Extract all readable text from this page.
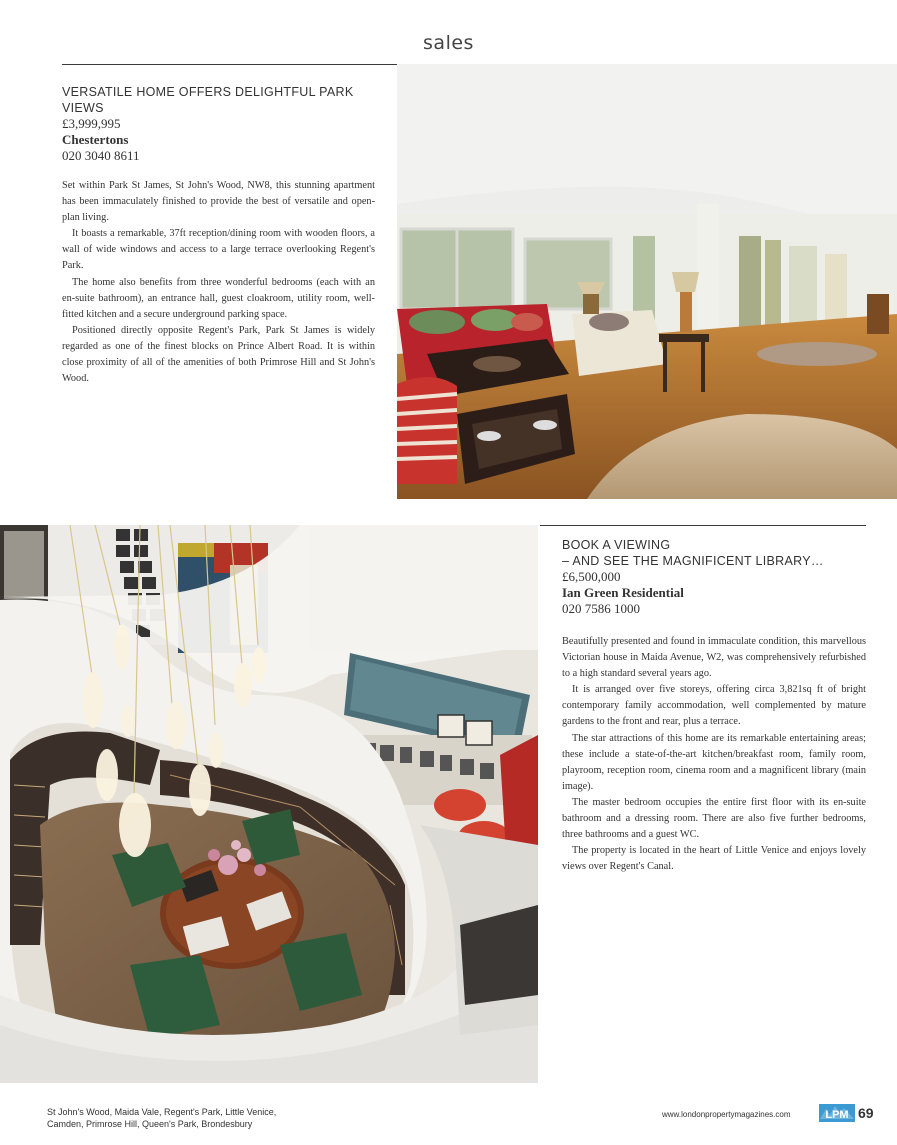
sales
VERSATILE HOME OFFERS DELIGHTFUL PARK VIEWS
£3,999,995
Chestertons
020 3040 8611

Set within Park St James, St John's Wood, NW8, this stunning apartment has been immaculately finished to provide the best of versatile and open-plan living.

It boasts a remarkable, 37ft reception/dining room with wooden floors, a wall of wide windows and access to a large terrace overlooking Regent's Park.

The home also benefits from three wonderful bedrooms (each with an en-suite bathroom), an entrance hall, guest cloakroom, utility room, well-fitted kitchen and a secure underground parking space.

Positioned directly opposite Regent's Park, Park St James is widely regarded as one of the finest blocks on Prince Albert Road. It is within close proximity of all of the amenities of both Primrose Hill and St John's Wood.

BOOK A VIEWING
– AND SEE THE MAGNIFICENT LIBRARY…
£6,500,000
Ian Green Residential
020 7586 1000

Beautifully presented and found in immaculate condition, this marvellous Victorian house in Maida Avenue, W2, was comprehensively refurbished to a high standard several years ago.

It is arranged over five storeys, offering circa 3,821sq ft of bright contemporary family accommodation, well complemented by mature gardens to the front and rear, plus a terrace.

The star attractions of this home are its remarkable entertaining areas; these include a state-of-the-art kitchen/breakfast room, family room, playroom, reception room, cinema room and a magnificent library (main image).

The master bedroom occupies the entire first floor with its en-suite bathroom and a dressing room. There are also five further bedrooms, three bathrooms and a guest WC.

The property is located in the heart of Little Venice and enjoys lovely views over Regent's Canal.

St John's Wood, Maida Vale, Regent's Park, Little Venice,
Camden, Primrose Hill, Queen's Park, Brondesbury
www.londonpropertymagazines.com	LPM 69
